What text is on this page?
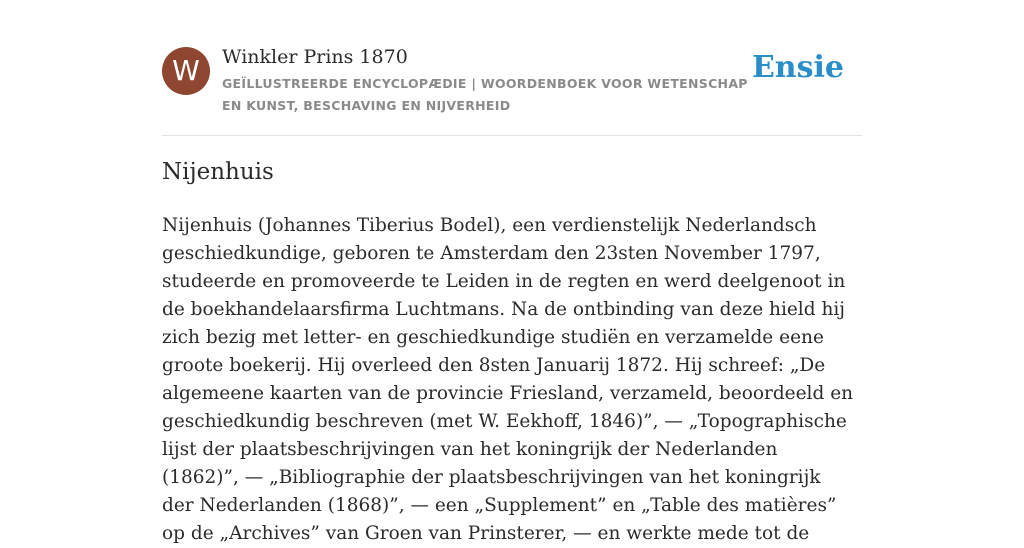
W	Winkler Prins 1870
GEÏLLUSTREERDE ENCYCLOPÆDIE | WOORDENBOEK VOOR WETENSCHAP EN KUNST, BESCHAVING EN NIJVERHEID
Ensie
Nijenhuis

Nijenhuis (Johannes Tiberius Bodel), een verdienstelijk Nederlandsch geschiedkundige, geboren te Amsterdam den 23sten November 1797, studeerde en promoveerde te Leiden in de regten en werd deelgenoot in de boekhandelaarsfirma Luchtmans. Na de ontbinding van deze hield hij zich bezig met letter- en geschiedkundige studiën en verzamelde eene groote boekerij. Hij overleed den 8sten Januarij 1872. Hij schreef: „De algemeene kaarten van de provincie Friesland, verzameld, beoordeeld en geschiedkundig beschreven (met W. Eekhoff, 1846)”, — „Topographische lijst der plaatsbeschrijvingen van het koningrijk der Nederlanden (1862)”, — „Bibliographie der plaatsbeschrijvingen van het koningrijk der Nederlanden (1868)”, — een „Supplement” en „Table des matières” op de „Archives” van Groen van Prinsterer, — en werkte mede tot de
